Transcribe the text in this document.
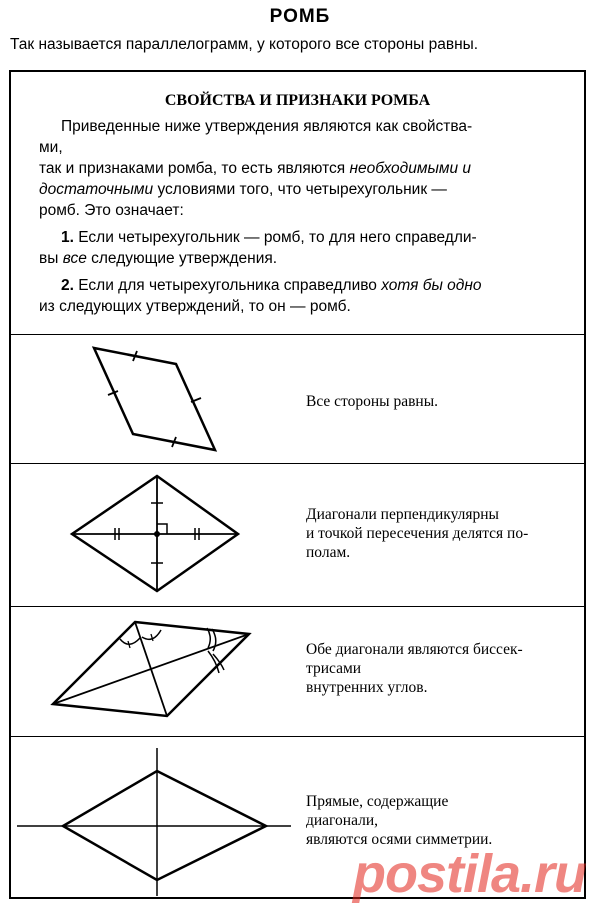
РОМБ
Так называется параллелограмм, у которого все стороны равны.
СВОЙСТВА И ПРИЗНАКИ РОМБА

Приведенные ниже утверждения являются как свойства-
ми,

так и признаками ромба, то есть являются необходимыми и

достаточными условиями того, что четырехугольник —

ромб. Это означает:

1. Если четырехугольник — ромб, то для него справедли-

вы все следующие утверждения.

2. Если для четырехугольника справедливо хотя бы одно

из следующих утверждений, то он — ромб.

Все стороны равны.
Диагонали перпендикулярны
и точкой пересечения делятся по-
полам.
Обе диагонали являются биссек-
трисами
внутренних углов.
Прямые, содержащие
диагонали,
являются осями симметрии.
postila.ru
